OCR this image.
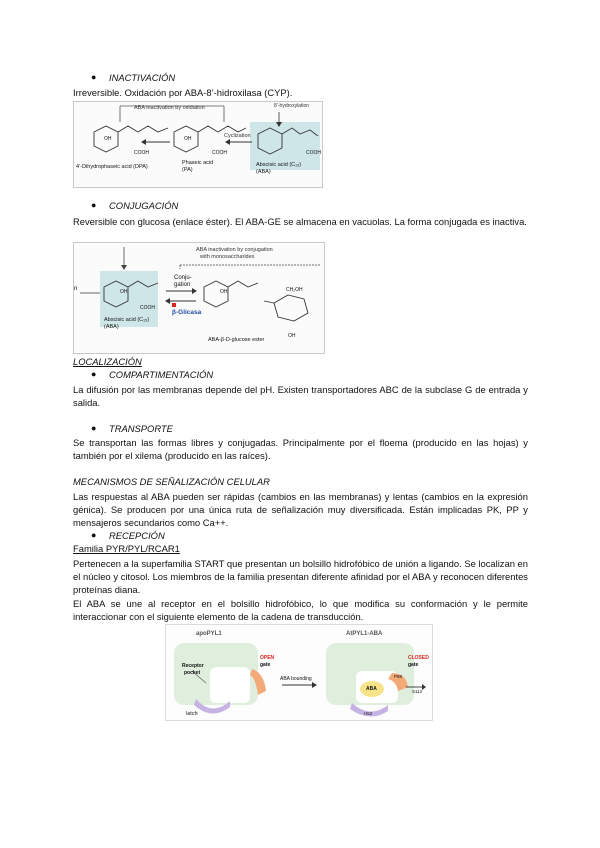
● INACTIVACIÓN
Irreversible. Oxidación por ABA-8’-hidroxilasa (CYP).
ABA inactivation by oxidation	8’-hydroxylation
Cyclization
OH
COOH
OH
COOH	COOH
4’-Dihydrophaseic acid (DPA)
Phaseic acid
(PA)
Abscisic acid (C₁₅)
(ABA)
● CONJUGACIÓN
Reversible con glucosa (enlace éster). El ABA-GE se almacena en vacuolas. La forma conjugada es inactiva.
ABA inactivation by conjugation
with monosaccharides
n
Conju-
gation
β-Glicasa
OH
COOH
OH	CH₂OH
OH
Abscisic acid (C₁₅)
(ABA)
ABA-β-D-glucose ester
LOCALIZACIÓN
● COMPARTIMENTACIÓN
La difusión por las membranas depende del pH. Existen transportadores ABC de la subclase G de entrada y salida.
● TRANSPORTE
Se transportan las formas libres y conjugadas. Principalmente por el floema (producido en las hojas) y también por el xilema (producido en las raíces).
MECANISMOS DE SEÑALIZACIÓN CELULAR
Las respuestas al ABA pueden ser rápidas (cambios en las membranas) y lentas (cambios en la expresión génica). Se producen por una única ruta de señalización muy diversificada. Están implicadas PK, PP y mensajeros secundarios como Ca++.
● RECEPCIÓN
Familia PYR/PYL/RCAR1
Pertenecen a la superfamilia START que presentan un bolsillo hidrofóbico de unión a ligando. Se localizan en el núcleo y citosol. Los miembros de la familia presentan diferente afinidad por el ABA y reconocen diferentes proteínas diana.
El ABA se une al receptor en el bolsillo hidrofóbico, lo que modifica su conformación y le permite interaccionar con el siguiente elemento de la cadena de transducción.
apoPYL1	AtPYL1-ABA
Receptor
pocket
OPEN
gate
ABA bounding
latch
CLOSED
gate
ABA
P88
S112
H52
